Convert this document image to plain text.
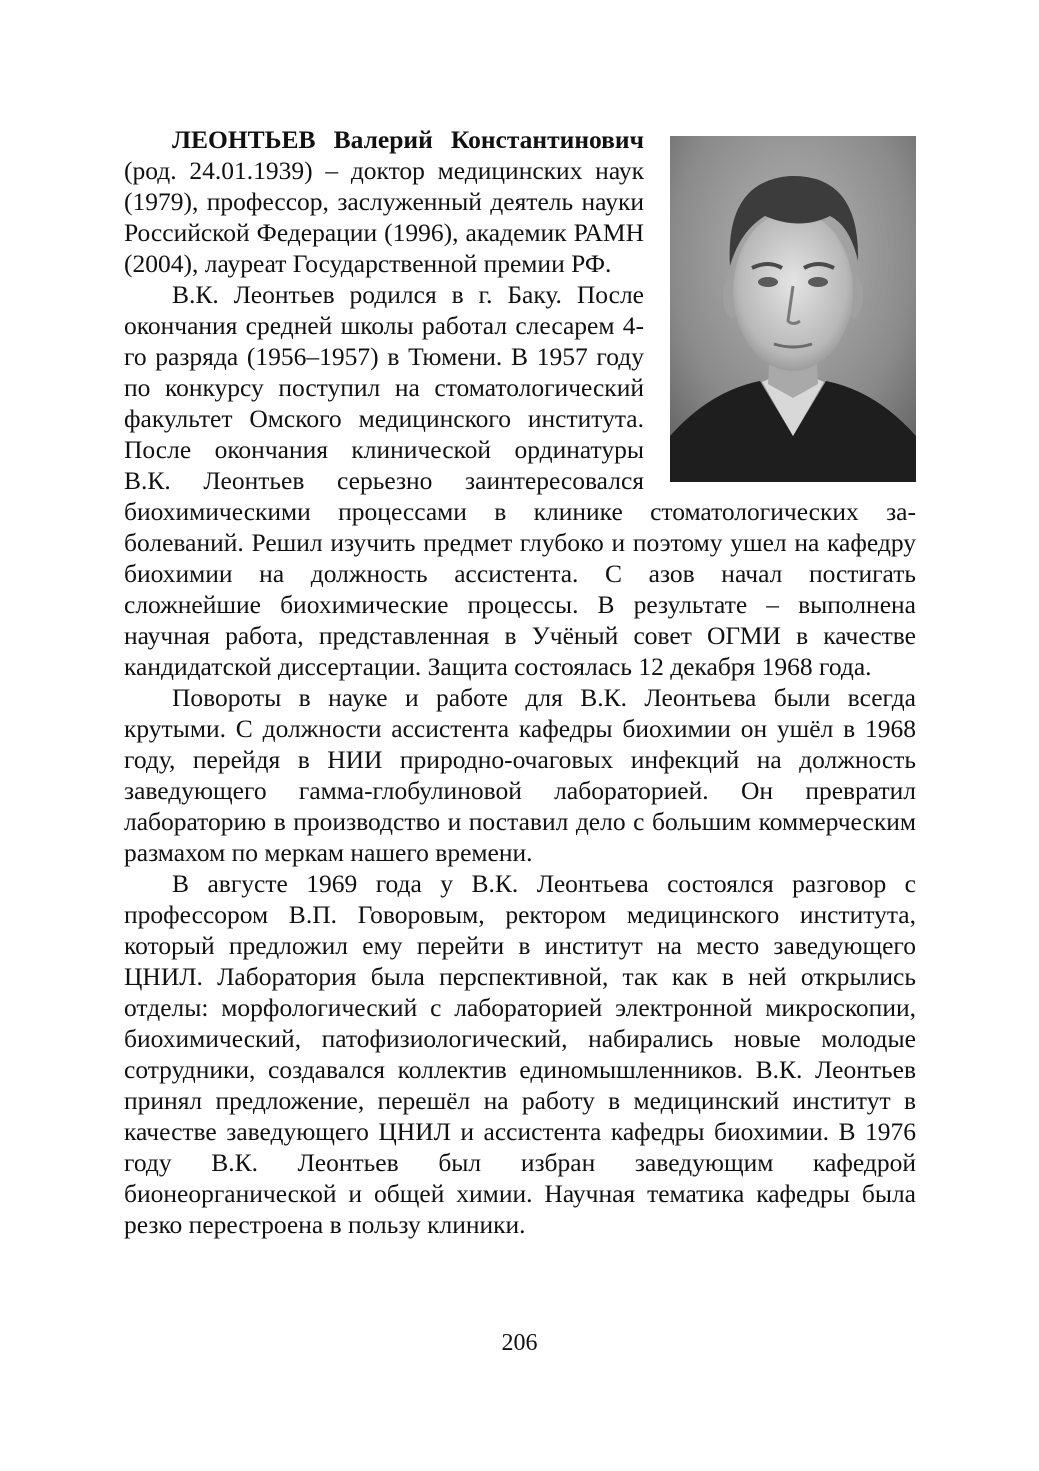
ЛЕОНТЬЕВ Валерий Константинович (род. 24.01.1939) – доктор медицинских наук (1979), профессор, заслуженный деятель науки Российской Федерации (1996), академик РАМН (2004), лауреат Государственной премии РФ.

В.К. Леонтьев родился в г. Баку. После окончания средней школы работал слесарем 4-го разряда (1956–1957) в Тюмени. В 1957 году по конкурсу поступил на стоматологический факультет Омского медицинского института. После окончания клинической ординатуры В.К. Леонтьев серьезно заинтересовался биохимическими процессами в клинике стоматологических заболеваний. Решил изучить предмет глубоко и поэтому ушел на кафедру биохимии на должность ассистента. С азов начал постигать сложнейшие биохимические процессы. В результате – выполнена научная работа, представленная в Учёный совет ОГМИ в качестве кандидатской диссертации. Защита состоялась 12 декабря 1968 года.

Повороты в науке и работе для В.К. Леонтьева были всегда крутыми. С должности ассистента кафедры биохимии он ушёл в 1968 году, перейдя в НИИ природно-очаговых инфекций на должность заведующего гамма-глобулиновой лабораторией. Он превратил лабораторию в производство и поставил дело с большим коммерческим размахом по меркам нашего времени.

В августе 1969 года у В.К. Леонтьева состоялся разговор с профессором В.П. Говоровым, ректором медицинского института, который предложил ему перейти в институт на место заведующего ЦНИЛ. Лаборатория была перспективной, так как в ней открылись отделы: морфологический с лабораторией электронной микроскопии, биохимический, патофизиологический, набирались новые молодые сотрудники, создавался коллектив единомышленников. В.К. Леонтьев принял предложение, перешёл на работу в медицинский институт в качестве заведующего ЦНИЛ и ассистента кафедры биохимии. В 1976 году В.К. Леонтьев был избран заведующим кафедрой бионеорганической и общей химии. Научная тематика кафедры была резко перестроена в пользу клиники.

206
